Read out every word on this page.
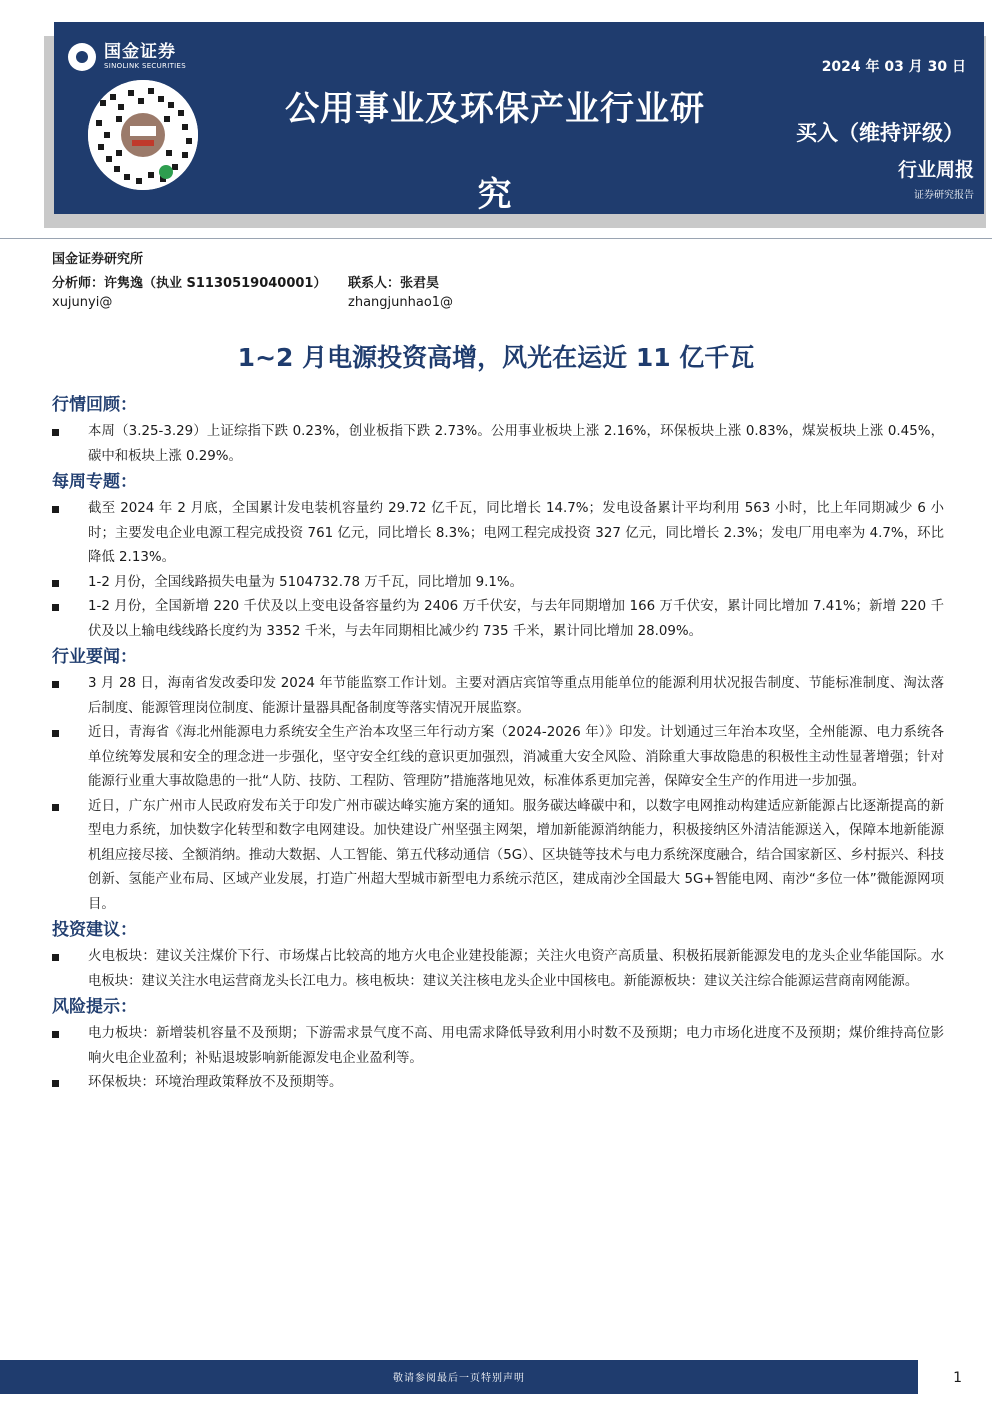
国金证券
SINOLINK SECURITIES
公用事业及环保产业行业研
究
2024 年 03 月 30 日
买入（维持评级）
行业周报
证券研究报告
国金证券研究所
分析师：许隽逸（执业 S1130519040001） 联系人：张君昊
xujunyi@	zhangjunhao1@
1~2 月电源投资高增，风光在运近 11 亿千瓦
行情回顾：
本周（3.25-3.29）上证综指下跌 0.23%，创业板指下跌 2.73%。公用事业板块上涨 2.16%，环保板块上涨 0.83%，煤炭板块上涨 0.45%，碳中和板块上涨 0.29%。
每周专题：
截至 2024 年 2 月底，全国累计发电装机容量约 29.72 亿千瓦，同比增长 14.7%；发电设备累计平均利用 563 小时，比上年同期减少 6 小时；主要发电企业电源工程完成投资 761 亿元，同比增长 8.3%；电网工程完成投资 327 亿元，同比增长 2.3%；发电厂用电率为 4.7%，环比降低 2.13%。
1-2 月份，全国线路损失电量为 5104732.78 万千瓦，同比增加 9.1%。
1-2 月份，全国新增 220 千伏及以上变电设备容量约为 2406 万千伏安，与去年同期增加 166 万千伏安，累计同比增加 7.41%；新增 220 千伏及以上输电线线路长度约为 3352 千米，与去年同期相比减少约 735 千米，累计同比增加 28.09%。
行业要闻：
3 月 28 日，海南省发改委印发 2024 年节能监察工作计划。主要对酒店宾馆等重点用能单位的能源利用状况报告制度、节能标准制度、淘汰落后制度、能源管理岗位制度、能源计量器具配备制度等落实情况开展监察。
近日，青海省《海北州能源电力系统安全生产治本攻坚三年行动方案（2024-2026 年）》印发。计划通过三年治本攻坚，全州能源、电力系统各单位统筹发展和安全的理念进一步强化，坚守安全红线的意识更加强烈，消减重大安全风险、消除重大事故隐患的积极性主动性显著增强；针对能源行业重大事故隐患的一批“人防、技防、工程防、管理防”措施落地见效，标准体系更加完善，保障安全生产的作用进一步加强。
近日，广东广州市人民政府发布关于印发广州市碳达峰实施方案的通知。服务碳达峰碳中和，以数字电网推动构建适应新能源占比逐渐提高的新型电力系统，加快数字化转型和数字电网建设。加快建设广州坚强主网架，增加新能源消纳能力，积极接纳区外清洁能源送入，保障本地新能源机组应接尽接、全额消纳。推动大数据、人工智能、第五代移动通信（5G）、区块链等技术与电力系统深度融合，结合国家新区、乡村振兴、科技创新、氢能产业布局、区域产业发展，打造广州超大型城市新型电力系统示范区，建成南沙全国最大 5G+智能电网、南沙“多位一体”微能源网项目。
投资建议：
火电板块：建议关注煤价下行、市场煤占比较高的地方火电企业建投能源；关注火电资产高质量、积极拓展新能源发电的龙头企业华能国际。水电板块：建议关注水电运营商龙头长江电力。核电板块：建议关注核电龙头企业中国核电。新能源板块：建议关注综合能源运营商南网能源。
风险提示：
电力板块：新增装机容量不及预期；下游需求景气度不高、用电需求降低导致利用小时数不及预期；电力市场化进度不及预期；煤价维持高位影响火电企业盈利；补贴退坡影响新能源发电企业盈利等。
环保板块：环境治理政策释放不及预期等。
敬请参阅最后一页特别声明	1
